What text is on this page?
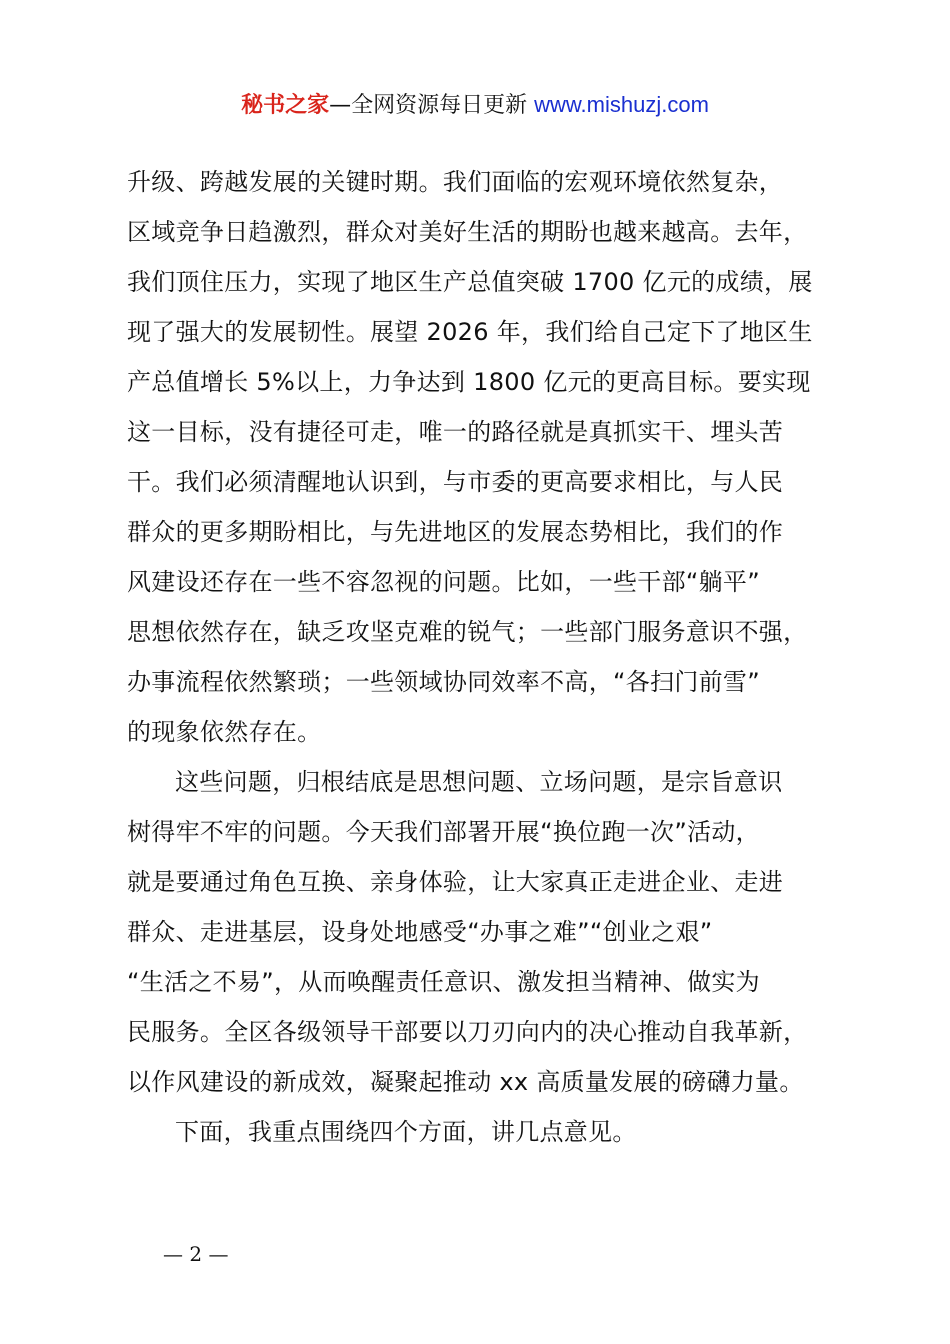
秘书之家—全网资源每日更新 www.mishuzj.com
升级、跨越发展的关键时期。我们面临的宏观环境依然复杂，
区域竞争日趋激烈，群众对美好生活的期盼也越来越高。去年，
我们顶住压力，实现了地区生产总值突破 1700 亿元的成绩，展
现了强大的发展韧性。展望 2026 年，我们给自己定下了地区生
产总值增长 5%以上，力争达到 1800 亿元的更高目标。要实现
这一目标，没有捷径可走，唯一的路径就是真抓实干、埋头苦
干。我们必须清醒地认识到，与市委的更高要求相比，与人民
群众的更多期盼相比，与先进地区的发展态势相比，我们的作
风建设还存在一些不容忽视的问题。比如，一些干部“躺平”
思想依然存在，缺乏攻坚克难的锐气；一些部门服务意识不强，
办事流程依然繁琐；一些领域协同效率不高，“各扫门前雪”
的现象依然存在。
这些问题，归根结底是思想问题、立场问题，是宗旨意识
树得牢不牢的问题。今天我们部署开展“换位跑一次”活动，
就是要通过角色互换、亲身体验，让大家真正走进企业、走进
群众、走进基层，设身处地感受“办事之难”“创业之艰”
“生活之不易”，从而唤醒责任意识、激发担当精神、做实为
民服务。全区各级领导干部要以刀刃向内的决心推动自我革新，
以作风建设的新成效，凝聚起推动 xx 高质量发展的磅礴力量。
下面，我重点围绕四个方面，讲几点意见。
— 2 —
